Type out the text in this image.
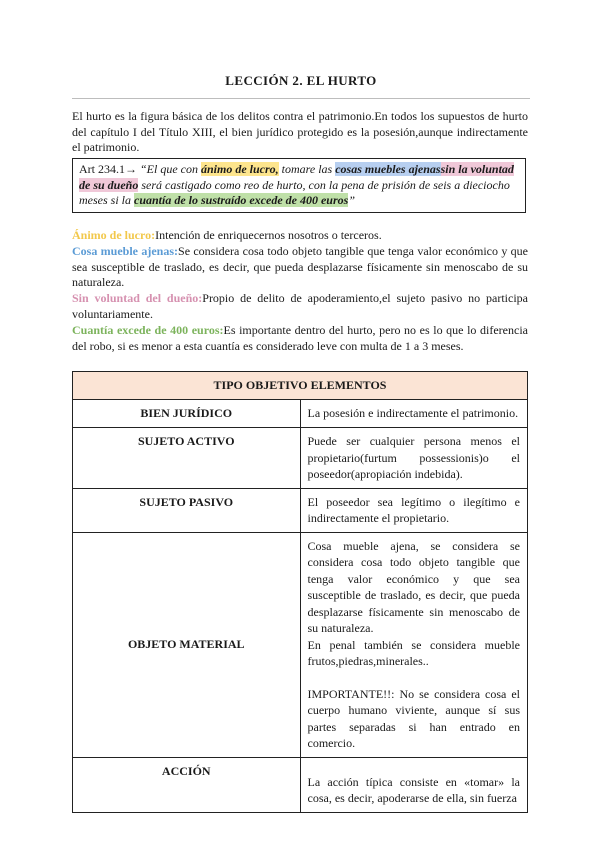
LECCIÓN 2. EL HURTO
El hurto es la figura básica de los delitos contra el patrimonio.En todos los supuestos de hurto del capítulo I del Título XIII, el bien jurídico protegido es la posesión,aunque indirectamente el patrimonio.
Art 234.1→ “El que con ánimo de lucro, tomare las cosas muebles ajenassin la voluntad de su dueño será castigado como reo de hurto, con la pena de prisión de seis a dieciocho meses si la cuantía de lo sustraído excede de 400 euros”
Ánimo de lucro:Intención de enriquecernos nosotros o terceros.
Cosa mueble ajenas:Se considera cosa todo objeto tangible que tenga valor económico y que sea susceptible de traslado, es decir, que pueda desplazarse físicamente sin menoscabo de su naturaleza.
Sin voluntad del dueño:Propio de delito de apoderamiento,el sujeto pasivo no participa voluntariamente.
Cuantía excede de 400 euros:Es importante dentro del hurto, pero no es lo que lo diferencia del robo, si es menor a esta cuantía es considerado leve con multa de 1 a 3 meses.
TIPO OBJETIVO ELEMENTOS	
BIEN JURÍDICO	La posesión e indirectamente el patrimonio.
SUJETO ACTIVO	Puede ser cualquier persona menos el propietario(furtum possessionis)o el poseedor(apropiación indebida).
SUJETO PASIVO	El poseedor sea legítimo o ilegítimo e indirectamente el propietario.
OBJETO MATERIAL	Cosa mueble ajena, se considera se considera cosa todo objeto tangible que tenga valor económico y que sea susceptible de traslado, es decir, que pueda desplazarse físicamente sin menoscabo de su naturaleza.
En penal también se considera mueble frutos,piedras,minerales..
IMPORTANTE!!: No se considera cosa el cuerpo humano viviente, aunque sí sus partes separadas si han entrado en comercio.

ACCIÓN	La acción típica consiste en «tomar» la cosa, es decir, apoderarse de ella, sin fuerza
